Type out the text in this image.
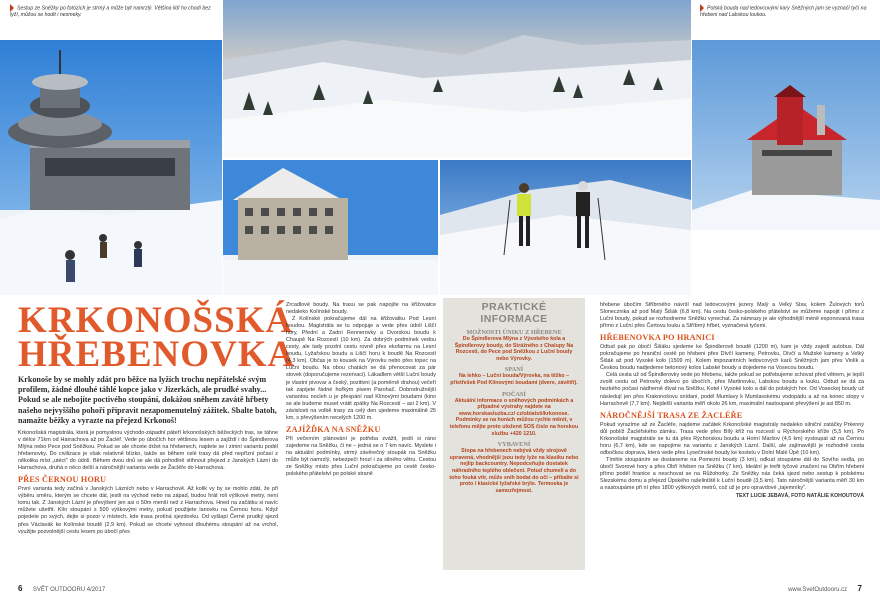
Sestup ze Sněžky po fotózích je strmý a může být namrzlý. Většina lidí ho chodí bez lyží, můžou se hodit i nesmeky.
Polská bouda nad ledovcovými kary Sněžných jam se vyznačí tyčí na hřebeni nad Labskou loukou.
KRKONOŠSKÁ
HŘEBENOVKA
Krkonoše by se mohly zdát pro běžce na lyžích trochu nepřátelské svým profilem, žádné dlouhé táhlé kopce jako v Jizerkách, ale prudké svahy... Pokud se ale nebojíte poctivého stoupání, dokážou sněhem zavátě hřbety našeho nejvyššího pohoří připravit nezapomenutelný zážitek. Sbalte batoh, namažte běžky a vyrazte na přejezd Krkonoš!

Krkonošská magistrála, která je pomyslnou východo-západní páteří krkonošských běžeckých tras, se táhne v délce 71km od Harrachova až po Žacléř. Vede po úbočích hor většinou lesem a zajíždí i do Špindlerova Mlýna nebo Pece pod Sněžkou. Pokud se ale chcete držet na hřebenech, najdete se i zimní variantu podél hřebenovky. Do civilizace je však relativně blízko, takže se během celé trasy dá před nepřízní počasí z několika míst „utéct" do údolí. Během dvou dnů se ale dá pohodlně stihnout přejezd z Janských Lázní do Harrachova, druhá o něco delší a náročnější varianta vede ze Žacléře do Harrachova.

PŘES ČERNOU HORU

První varianta tedy začíná v Janských Lázních nebo v Harrachově. Až kolik vy by se mohlo zdát, že při výběru směru, kterým se chcete dát, jestli na východ nebo na západ, budou hrát roli výškové metry, není tomu tak. Z Janských Lázní je převýšení jen asi o 50m menší než z Harrachova. Hned na začátku si navíc můžete ušetřit. Klín stoupání s 500 výškovými metry, pokud použijete lanovku na Černou horu. Když pojedete po svých, dejte si pozor v místech, kde trasa protíná sjezdovku. Od vyšlapí Černé prudký sjezd přes Václavák ke Kolínské boudě (2,9 km). Pokud se chcete vyhnout dlouhému stoupání až na vrchol, využijte pozvolnější cestu lesem po úbočí přes

Zrcadlové boudy. Na trasu se pak napojíte na křižovatce nedaleko Kolínské boudy.

Z Kolínské pokračujeme dál na křižovatku Pod Lesní boudou. Magistrála se tu odpojuje a vede přes údolí Liščí hory, Přední a Zadní Rennerovky a Dvorskou boudu k Chaupě Na Rozcestí (10 km). Za dobrých podmínek vedou cesty, ale tady pozdní cestu rovně přes ekofarmu na Lesní boudu, Lyžařskou boudu a Liščí horu k boudě Na Rozcestí (4,3 km). Občas je to kousek na Výrovku nebo přes topec na Luční boudu. Na obou chatách se dá přenocovat za pár stovek (doporučujeme rezervaci). Lákadlem větší Luční boudy je vlastní pivovar a český, pozitivní (a poměrně drahou) večeří tak zapijete řádné hořkým pivem Parohač. Dobrodružnější variantou nocleh u je přespání nad Klínovými boudami (kino se ale budeme muset vrátit zpátky Na Rozcestí – asi 2 km). V závislosti na volbě trasy za celý den ujedeme maximálně 25 km, s převýšením necelých 1200 m.

ZAJÍŽĎKA NA SNĚŽKU

Při večerním plánování je potřeba zvážit, jestli si ráno zajedeme na Sněžku, či ne – jedná se o 7 km navíc. Myslete i na aktuální podmínky, strmý závěrečný stoupák na Sněžku může být namrzlý, nebezpečí hrozí i za silného větru. Cestou ze Sněžky místo přes Luční pokračujeme po cestě česko-polského přátelství po polské straně

PRAKTICKÉ
INFORMACE
MOŽNOSTI ÚNIKU Z HŘEBENE
Do Špindlerova Mlýna z Výsokého kola a Špindlerovy boudy, do Strážného z Chalupy Na Rozcestí, do Pece pod Sněžkou z Luční boudy nebo Výrovky.
SPANÍ
Na lehko – Luční bouda/Výrovka, na těžko – přístřešek Pod Klínovými boudami (dvere, závětří).
POČASÍ
Aktuální informace o sněhových podmínkách a případné výstrahy najdete na www.horskasluzba.cz/ czlobiatsti/krkonose. Podmínky se na horách můžou rychle měnit, v telefonu mějte proto uložené SOS číslo na horskou službu +420 1210.
VYBAVENÍ
Stopa na hřebenech nebývá vždy strojově upravená, vhodnější jsou tedy lyže na klasiku nebo nejlíp backcountry. Nepodceňujte dostatek náhradního teplého oblečení. Potud chumelí a do toho fouká vítr, může sníh bodat do očí – příbalte si proto i klasické lyžařské brýle. Termoska je samozřejmost.

hřebene úbočím Stříbrného návrší nad ledovcovými jezery Malý a Velký Stav, kolem Žulových torů Slonecznika až pod Malý Šišák (6,8 km). Na cestu česko-polského přátelství se můžeme napojit i přímo z Luční boudy, pokud se rozhodneme Sněžku vynechat. Za námrazy je ale výhodnější méně exponovaná trasa přímo z Luční přes Čertovu louku a Stříbrný hřbet, vyznačená tyčemi.

HŘEBENOVKA PO HRANICI

Odtud pak po úbočí Šišáku sjedeme ke Špindlerově boudě (1200 m), kam je vždy zajedí autobus. Dál pokračujeme po hraniční cestě po hřebeni přes Dívčí kameny, Petrovku, Dívčí a Mužské kameny a Velký Šišák až pod Vysoké kolo (1509 m). Kolem impozantních ledovcových karů Sněžných jam přes Violík a Českou boudu nadjedeme betonový kolos Labské boudy a dojedeme na Vosecou boudu.

Celá cesta už od Špindlerovky vede po hřebenu, takže pokud se potřebujeme schovat před větrem, je lepší zvolit cestu od Petrovky dolevo po úbočích, přes Martinovku, Labskou boudu a louku. Odtud se dá za hezkého počasí nádherně dívat na Sněžku, Kotel i Vysoké kolo a dál do polských hor. Od Voseckej boudy už následují jen přes Krakonošovu snídani, podél Mumlavy k Mumlavskému vodopádu a až na konec stopy v Harrachově (7,7 km). Nejdelší varianta měří okolo 26 km, maximální nastoupané převýšení je asi 850 m.

NÁROČNĚJŠÍ TRASA ZE ŽACLÉŘE

Pokud vyrazíme až ze Žacléře, najdeme začátek Krkonošské magistrály nedaleko silniční zatáčky Prkenný důl poblíž Žacléřského zámku. Trasa vede přes Bílý kříž na rozcestí u Rýchorského kříže (5,5 km). Po Krkonošské magistrále se tu dá přes Rýchorskou boudu a Horní Maršov (4,5 km) vystoupat až na Černou horu (6,7 km), kde se napojíme na variantu z Janských Lázní. Další, ale zajímavější je rozhodně cesta odbočkou doprava, která vede přes Lysečinské boudy ke kostelu v Dolní Malé Úpě (10 km).

Tímhle stoupáním se dostaneme na Pomezní boudy (3 km), odkud stoupáme dál do Sovího sedla, po úbočí Svorové hory a přes Obří hřeben na Sněžku (7 km). Ideální je trefit tyčové značení na Obřím hřebeni přímo podél hranice a neschovat se na Růžohorky. Ze Sněžky nás čeká sjezd nebo sestup k polskému Slezskému domu a přejezd Úpského rašeliniště k Luční boudě (3,5 km). Tato náročnější varianta měří 30 km a nastoupáme při ní přes 1800 výškových metrů, což už je pro opravdové „tajemníky".

TEXT LUCIE JEBAVÁ, FOTO NATÁLIE KOHOUTOVÁ
6 SVĚT OUTDOORU 4/2017	www.SvetOutdooru.cz 7
